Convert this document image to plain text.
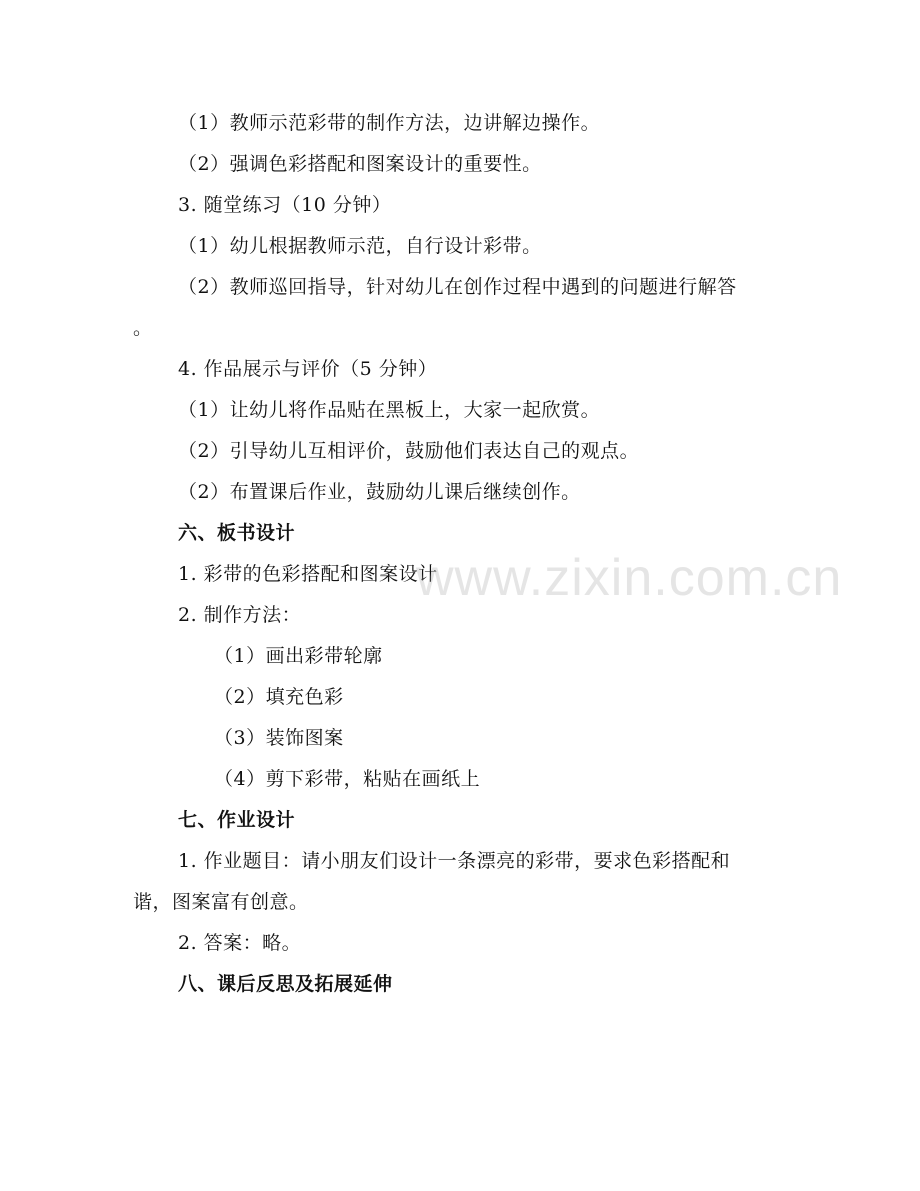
（1）教师示范彩带的制作方法，边讲解边操作。
（2）强调色彩搭配和图案设计的重要性。
3. 随堂练习（10 分钟）
（1）幼儿根据教师示范，自行设计彩带。
（2）教师巡回指导，针对幼儿在创作过程中遇到的问题进行解答
。
4. 作品展示与评价（5 分钟）
（1）让幼儿将作品贴在黑板上，大家一起欣赏。
（2）引导幼儿互相评价，鼓励他们表达自己的观点。
（2）布置课后作业，鼓励幼儿课后继续创作。
六、板书设计
1. 彩带的色彩搭配和图案设计
2. 制作方法：
（1）画出彩带轮廓
（2）填充色彩
（3）装饰图案
（4）剪下彩带，粘贴在画纸上
七、作业设计
1. 作业题目：请小朋友们设计一条漂亮的彩带，要求色彩搭配和
谐，图案富有创意。
2. 答案：略。
八、课后反思及拓展延伸
www.zixin.com.cn
